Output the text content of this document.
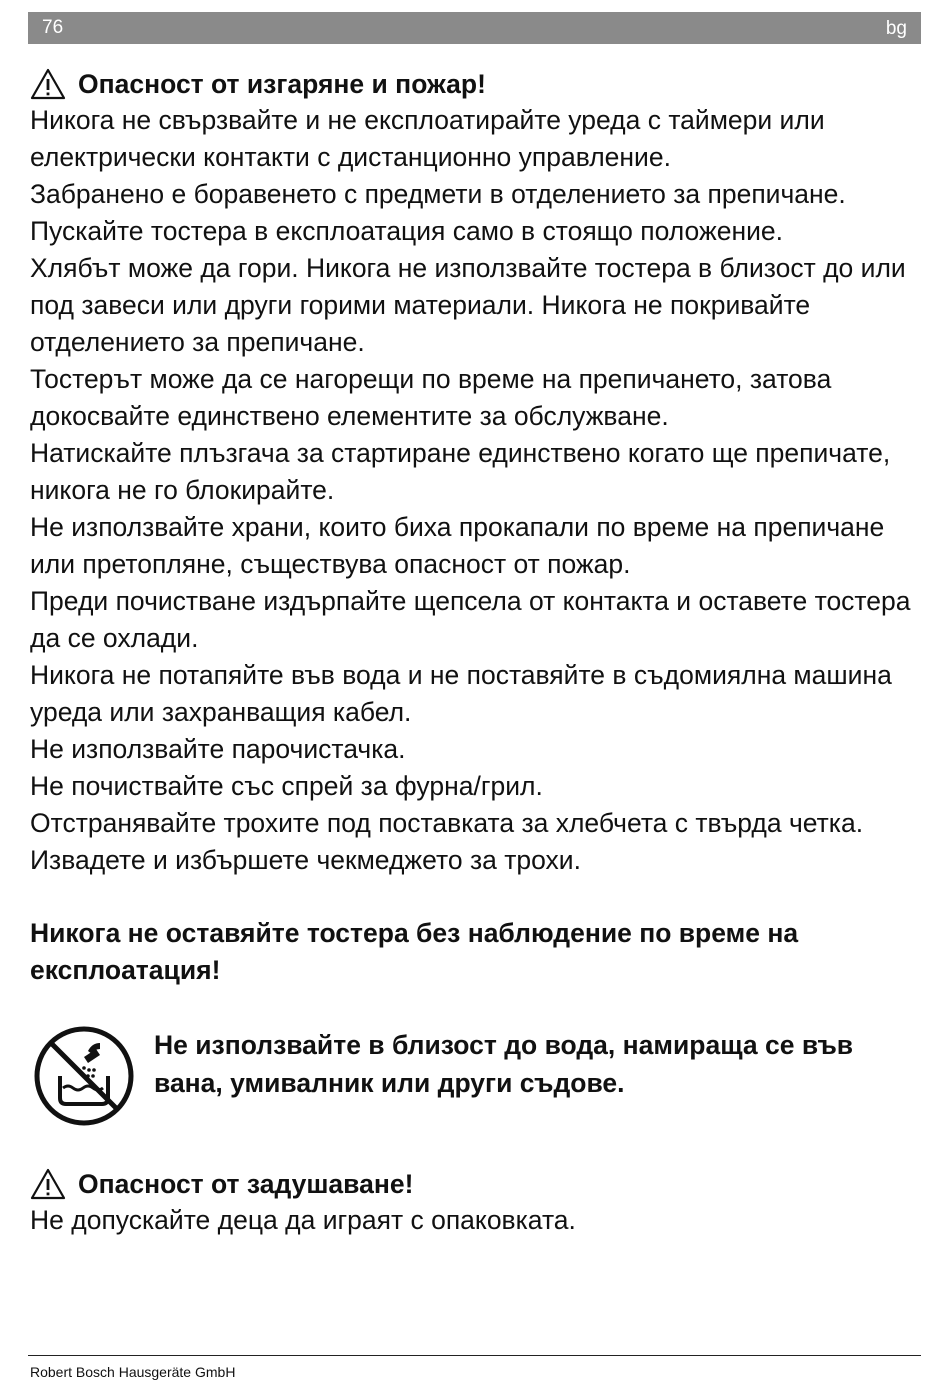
76	bg
Опасност от изгаряне и пожар!

Никога не свързвайте и не експлоатирайте уреда с таймери или електрически контакти с дистанционно управление.

Забранено е боравенето с предмети в отделението за препичане.

Пускайте тостера в експлоатация само в стоящо положение.

Хлябът може да гори. Никога не използвайте тостера в близост до или под завеси или други горими материали. Никога не покривайте отделението за препичане.

Тостерът може да се нагорещи по време на препичането, затова докосвайте единствено елементите за обслужване.

Натискайте плъзгача за стартиране единствено когато ще препичате, никога не го блокирайте.

Не използвайте храни, които биха прокапали по време на препичане или претопляне, съществува опасност от пожар.

Преди почистване издърпайте щепсела от контакта и оставете тостера да се охлади.

Никога не потапяйте във вода и не поставяйте в съдомиялна машина уреда или захранващия кабел.

Не използвайте парочистачка.

Не почиствайте със спрей за фурна/грил.

Отстранявайте трохите под поставката за хлебчета с твърда четка.

Извадете и избършете чекмеджето за трохи.

Никога не оставяйте тостера без наблюдение по време на експлоатация!

Не използвайте в близост до вода, намираща се във вана, умивалник или други съдове.
Опасност от задушаване!

Не допускайте деца да играят с опаковката.

Robert Bosch Hausgeräte GmbH
